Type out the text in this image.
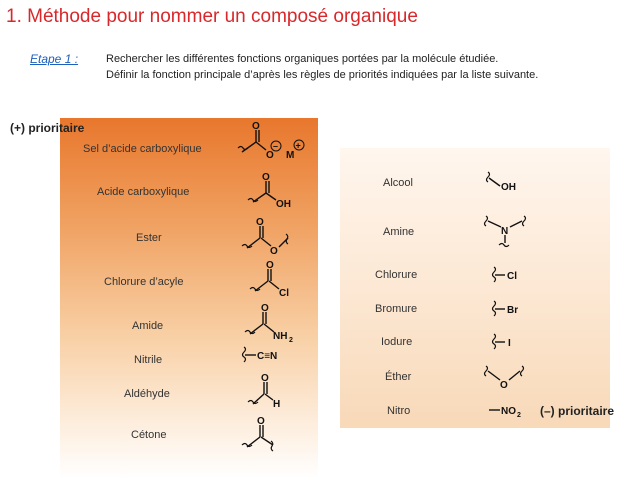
1. Méthode pour nommer un composé organique
Etape 1 :	Rechercher les différentes fonctions organiques portées par la molécule étudiée.
Définir la fonction principale d’après les règles de priorités indiquées par la liste suivante.
(+) prioritaire
(–) prioritaire
Sel d’acide carboxylique
Acide carboxylique
Ester
Chlorure d’acyle
Amide
Nitrile
Aldéhyde
Cétone
Alcool
Amine
Chlorure
Bromure
Iodure
Éther
Nitro
O
O
–
M
+
O
OH
O
O
O
Cl
O
NH 2
C≡N
O
H
O
OH
N
Cl
Br
I
O
NO 2
